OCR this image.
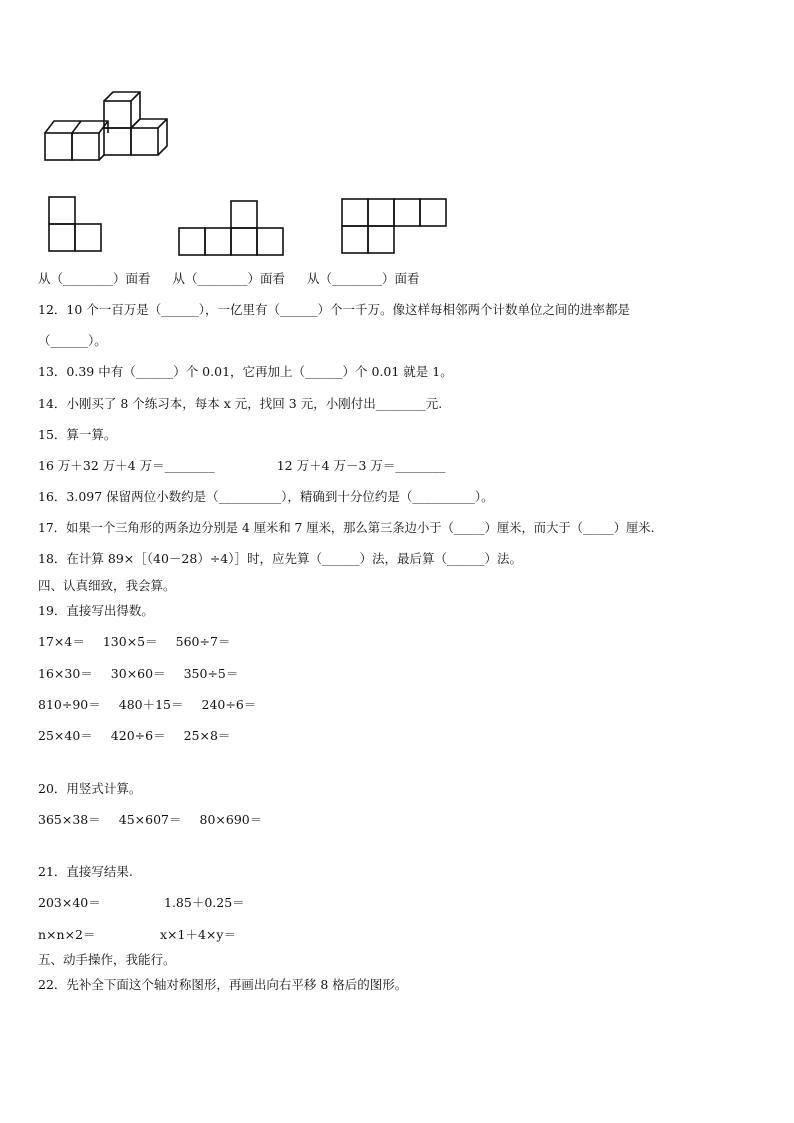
从（________）面看 从（________）面看 从（________）面看
12．10 个一百万是（______），一亿里有（______）个一千万。像这样每相邻两个计数单位之间的进率都是
（______）。
13．0.39 中有（______）个 0.01，它再加上（______）个 0.01 就是 1。
14．小刚买了 8 个练习本，每本 x 元，找回 3 元，小刚付出________元.
15．算一算。
16 万＋32 万＋4 万＝________	12 万＋4 万－3 万＝________
16．3.097 保留两位小数约是（__________），精确到十分位约是（__________）。
17．如果一个三角形的两条边分别是 4 厘米和 7 厘米，那么第三条边小于（_____）厘米，而大于（_____）厘米.
18．在计算 89×［（40－28）÷4）］时，应先算（______）法，最后算（______）法。
四、认真细致，我会算。
19．直接写出得数。
17×4＝ 130×5＝ 560÷7＝
16×30＝ 30×60＝ 350÷5＝
810÷90＝ 480＋15＝ 240÷6＝
25×40＝ 420÷6＝ 25×8＝
20．用竖式计算。
365×38＝ 45×607＝ 80×690＝
21．直接写结果.
203×40＝	1.85＋0.25＝
n×n×2＝	x×1＋4×y＝
五、动手操作，我能行。
22．先补全下面这个轴对称图形，再画出向右平移 8 格后的图形。
